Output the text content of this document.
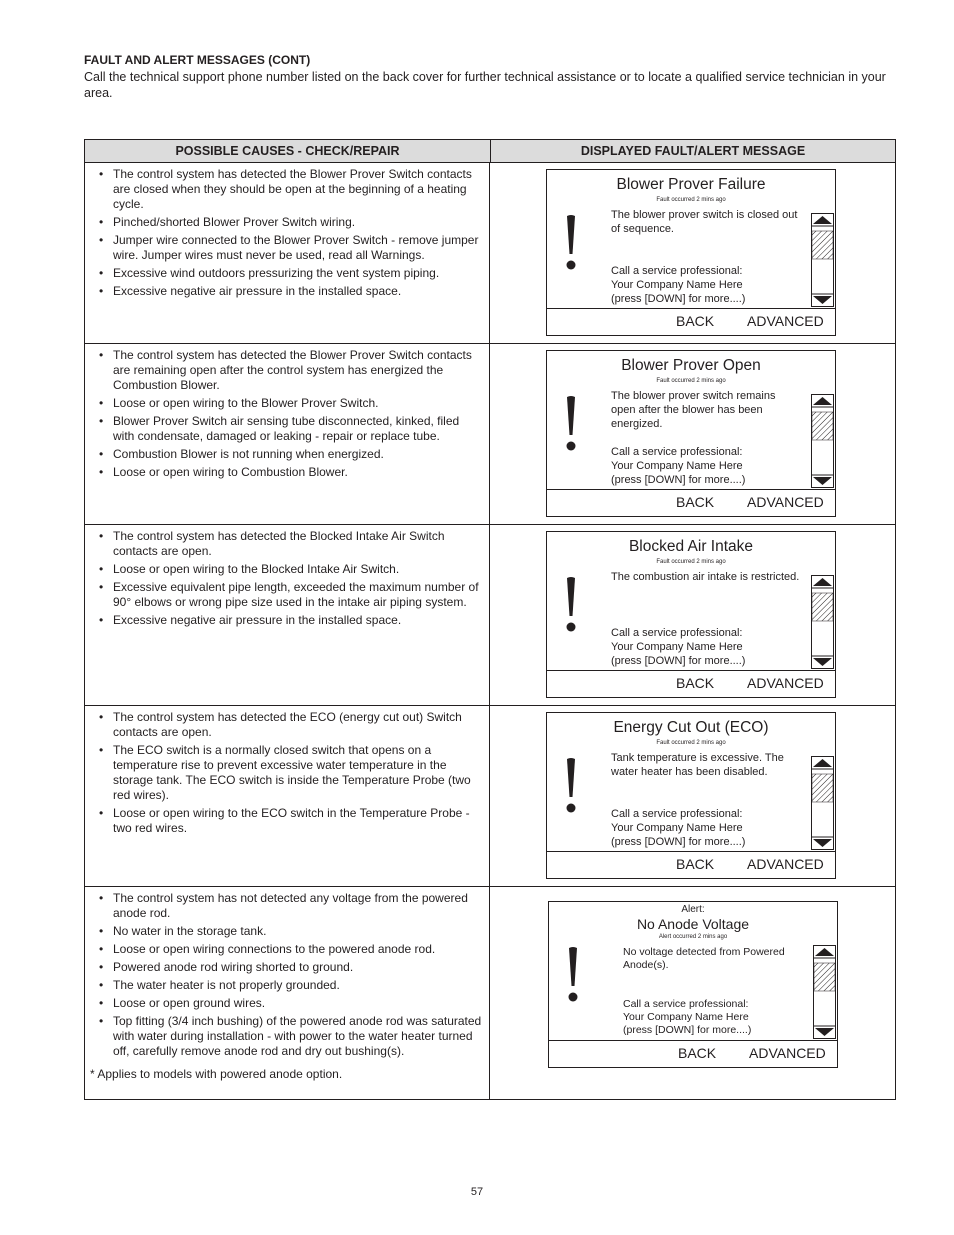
FAULT AND ALERT MESSAGES (CONT)
Call the technical support phone number listed on the back cover for further technical assistance or to locate a qualified service technician in your area.
POSSIBLE CAUSES - CHECK/REPAIR	DISPLAYED FAULT/ALERT MESSAGE
• The control system has detected the Blower Prover Switch contacts are closed when they should be open at the beginning of a heating cycle.
• Pinched/shorted Blower Prover Switch wiring.
• Jumper wire connected to the Blower Prover Switch - remove jumper wire. Jumper wires must never be used, read all Warnings.
• Excessive wind outdoors pressurizing the vent system piping.
• Excessive negative air pressure in the installed space.
Blower Prover Failure
Fault occurred 2 mins ago
The blower prover switch is closed out of sequence.
Call a service professional:
Your Company Name Here
(press [DOWN] for more....)
BACK ADVANCED
• The control system has detected the Blower Prover Switch contacts are remaining open after the control system has energized the Combustion Blower.
• Loose or open wiring to the Blower Prover Switch.
• Blower Prover Switch air sensing tube disconnected, kinked, filed with condensate, damaged or leaking - repair or replace tube.
• Combustion Blower is not running when energized.
• Loose or open wiring to Combustion Blower.
Blower Prover Open
Fault occurred 2 mins ago
The blower prover switch remains open after the blower has been energized.
Call a service professional:
Your Company Name Here
(press [DOWN] for more....)
BACK ADVANCED
• The control system has detected the Blocked Intake Air Switch contacts are open.
• Loose or open wiring to the Blocked Intake Air Switch.
• Excessive equivalent pipe length, exceeded the maximum number of 90° elbows or wrong pipe size used in the intake air piping system.
• Excessive negative air pressure in the installed space.
Blocked Air Intake
Fault occurred 2 mins ago
The combustion air intake is restricted.
Call a service professional:
Your Company Name Here
(press [DOWN] for more....)
BACK ADVANCED
• The control system has detected the ECO (energy cut out) Switch contacts are open.
• The ECO switch is a normally closed switch that opens on a temperature rise to prevent excessive water temperature in the storage tank. The ECO switch is inside the Temperature Probe (two red wires).
• Loose or open wiring to the ECO switch in the Temperature Probe - two red wires.
Energy Cut Out (ECO)
Fault occurred 2 mins ago
Tank temperature is excessive. The water heater has been disabled.
Call a service professional:
Your Company Name Here
(press [DOWN] for more....)
BACK ADVANCED
• The control system has not detected any voltage from the powered anode rod.
• No water in the storage tank.
• Loose or open wiring connections to the powered anode rod.
• Powered anode rod wiring shorted to ground.
• The water heater is not properly grounded.
• Loose or open ground wires.
• Top fitting (3/4 inch bushing) of the powered anode rod was saturated with water during installation - with power to the water heater turned off, carefully remove anode rod and dry out bushing(s).
* Applies to models with powered anode option.
Alert:
No Anode Voltage
Alert occurred 2 mins ago
No voltage detected from Powered Anode(s).
Call a service professional:
Your Company Name Here
(press [DOWN] for more....)
BACK ADVANCED
57
